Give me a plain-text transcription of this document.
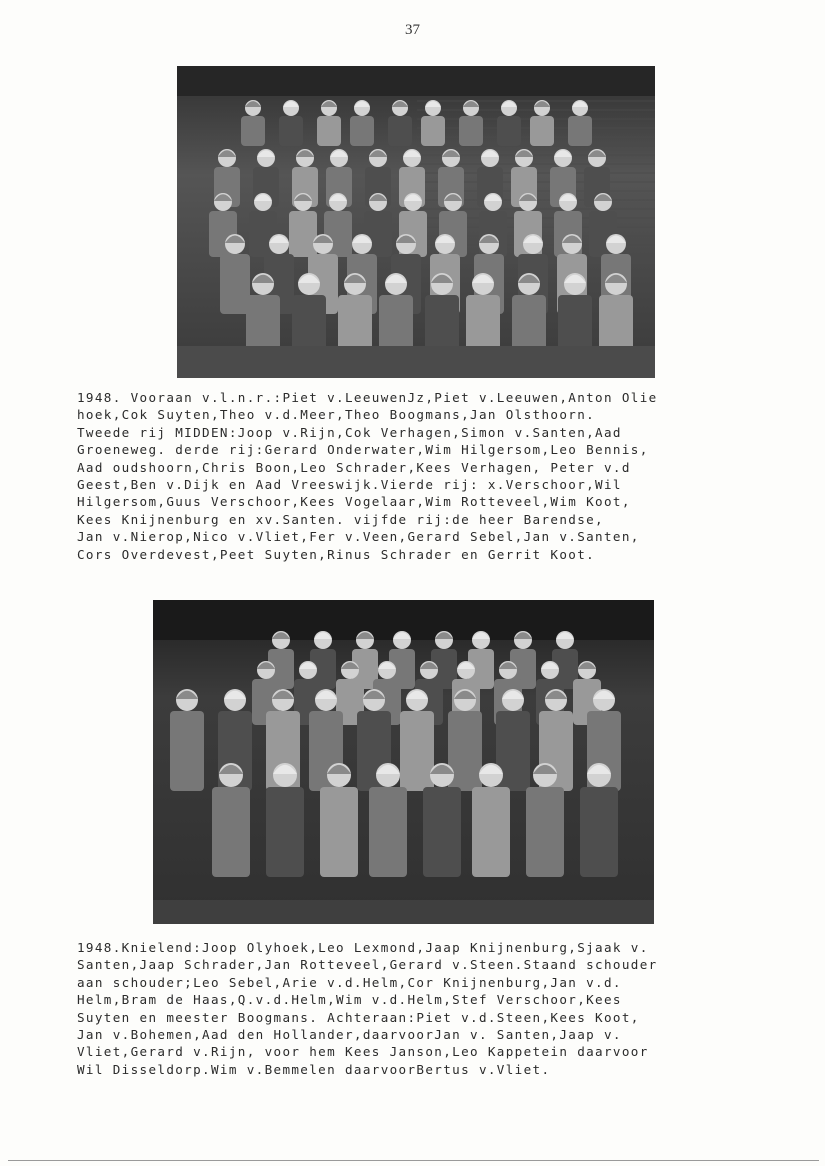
37
1948. Vooraan v.l.n.r.:Piet v.LeeuwenJz,Piet v.Leeuwen,Anton Olie
hoek,Cok Suyten,Theo v.d.Meer,Theo Boogmans,Jan Olsthoorn.
Tweede rij MIDDEN:Joop v.Rijn,Cok Verhagen,Simon v.Santen,Aad
Groeneweg. derde rij:Gerard Onderwater,Wim Hilgersom,Leo Bennis,
Aad oudshoorn,Chris Boon,Leo Schrader,Kees Verhagen, Peter v.d
Geest,Ben v.Dijk en Aad Vreeswijk.Vierde rij: x.Verschoor,Wil
Hilgersom,Guus Verschoor,Kees Vogelaar,Wim Rotteveel,Wim Koot,
Kees Knijnenburg en xv.Santen. vijfde rij:de heer Barendse,
Jan v.Nierop,Nico v.Vliet,Fer v.Veen,Gerard Sebel,Jan v.Santen,
Cors Overdevest,Peet Suyten,Rinus Schrader en Gerrit Koot.
1948.Knielend:Joop Olyhoek,Leo Lexmond,Jaap Knijnenburg,Sjaak v.
Santen,Jaap Schrader,Jan Rotteveel,Gerard v.Steen.Staand schouder
aan schouder;Leo Sebel,Arie v.d.Helm,Cor Knijnenburg,Jan v.d.
Helm,Bram de Haas,Q.v.d.Helm,Wim v.d.Helm,Stef Verschoor,Kees
Suyten en meester Boogmans. Achteraan:Piet v.d.Steen,Kees Koot,
Jan v.Bohemen,Aad den Hollander,daarvoorJan v. Santen,Jaap v.
Vliet,Gerard v.Rijn, voor hem Kees Janson,Leo Kappetein daarvoor
Wil Disseldorp.Wim v.Bemmelen daarvoorBertus v.Vliet.
